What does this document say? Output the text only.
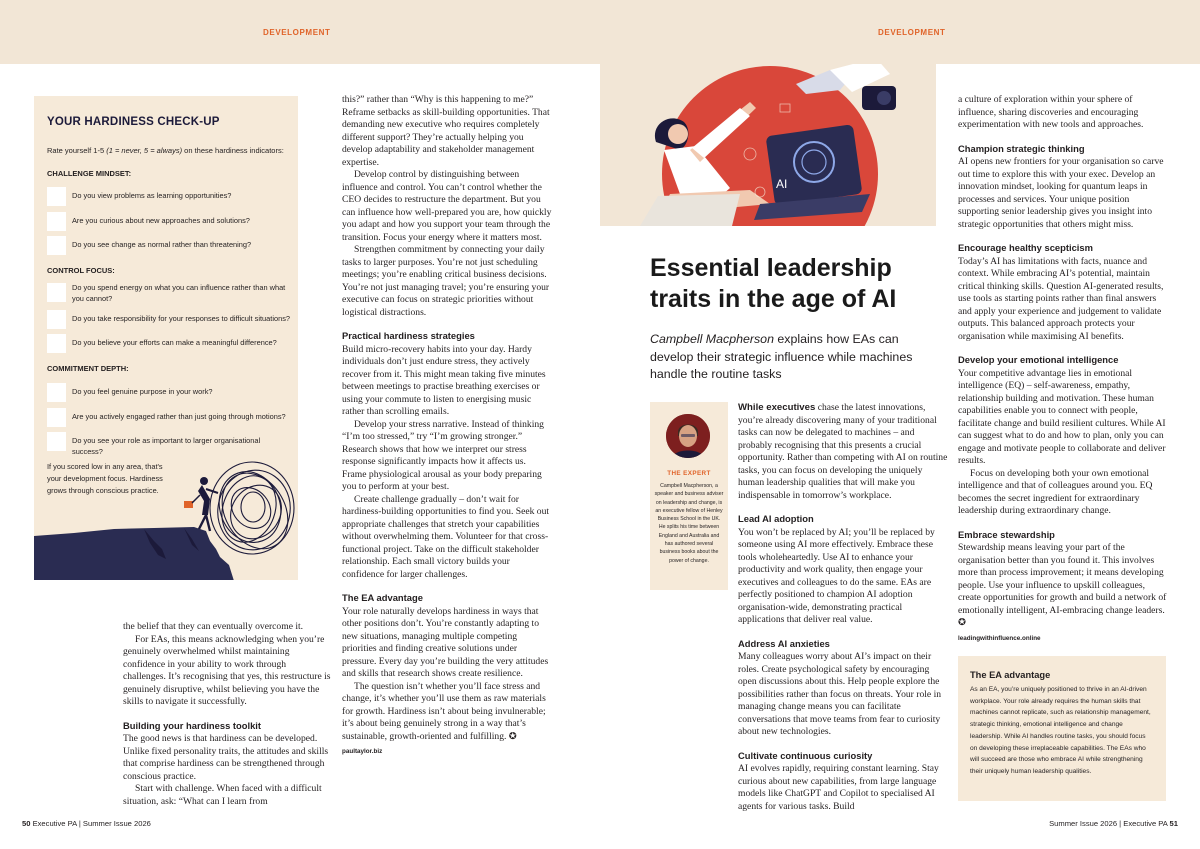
DEVELOPMENT	DEVELOPMENT
YOUR HARDINESS CHECK-UP
Rate yourself 1-5 (1 = never, 5 = always) on these hardiness indicators:
CHALLENGE MINDSET:
Do you view problems as learning opportunities?
Are you curious about new approaches and solutions?
Do you see change as normal rather than threatening?
CONTROL FOCUS:
Do you spend energy on what you can influence rather than what you cannot?
Do you take responsibility for your responses to difficult situations?
Do you believe your efforts can make a meaningful difference?
COMMITMENT DEPTH:
Do you feel genuine purpose in your work?
Are you actively engaged rather than just going through motions?
Do you see your role as important to larger organisational success?
If you scored low in any area, that's your development focus. Hardiness grows through conscious practice.

the belief that they can eventually overcome it.

For EAs, this means acknowledging when you’re genuinely overwhelmed whilst maintaining confidence in your ability to work through challenges. It’s recognising that yes, this restructure is genuinely disruptive, whilst believing you have the skills to navigate it successfully.

Building your hardiness toolkit

The good news is that hardiness can be developed. Unlike fixed personality traits, the attitudes and skills that comprise hardiness can be strengthened through conscious practice.

Start with challenge. When faced with a difficult situation, ask: “What can I learn from

this?” rather than “Why is this happening to me?” Reframe setbacks as skill-building opportunities. That demanding new executive who requires completely different support? They’re actually helping you develop adaptability and stakeholder management expertise.

Develop control by distinguishing between influence and control. You can’t control whether the CEO decides to restructure the department. But you can influence how well-prepared you are, how quickly you adapt and how you support your team through the transition. Focus your energy where it matters most.

Strengthen commitment by connecting your daily tasks to larger purposes. You’re not just scheduling meetings; you’re enabling critical business decisions. You’re not just managing travel; you’re ensuring your executive can focus on strategic priorities without logistical distractions.

Practical hardiness strategies

Build micro-recovery habits into your day. Hardy individuals don’t just endure stress, they actively recover from it. This might mean taking five minutes between meetings to practise breathing exercises or using your commute to listen to energising music rather than scrolling emails.

Develop your stress narrative. Instead of thinking “I’m too stressed,” try “I’m growing stronger.” Research shows that how we interpret our stress response significantly impacts how it affects us. Frame physiological arousal as your body preparing you to perform at your best.

Create challenge gradually – don’t wait for hardiness-building opportunities to find you. Seek out appropriate challenges that stretch your capabilities without overwhelming them. Volunteer for that cross-functional project. Take on the difficult stakeholder relationship. Each small victory builds your confidence for larger challenges.

The EA advantage

Your role naturally develops hardiness in ways that other positions don’t. You’re constantly adapting to new situations, managing multiple competing priorities and finding creative solutions under pressure. Every day you’re building the very attitudes and skills that research shows create resilience.

The question isn’t whether you’ll face stress and change, it’s whether you’ll use them as raw materials for growth. Hardiness isn’t about being invulnerable; it’s about being genuinely strong in a way that’s sustainable, growth-oriented and fulfilling. ✪

paultaylor.biz
AI
Essential leadership traits in the age of AI
Campbell Macpherson explains how EAs can develop their strategic influence while machines handle the routine tasks
THE EXPERT
Campbell Macpherson, a speaker and business adviser on leadership and change, is an executive fellow of Henley Business School in the UK. He splits his time between England and Australia and has authored several business books about the power of change.

While executives chase the latest innovations, you’re already discovering many of your traditional tasks can now be delegated to machines – and probably recognising that this presents a crucial opportunity. Rather than competing with AI on routine tasks, you can focus on developing the uniquely human leadership qualities that will make you indispensable in tomorrow’s workplace.

Lead AI adoption

You won’t be replaced by AI; you’ll be replaced by someone using AI more effectively. Embrace these tools wholeheartedly. Use AI to enhance your productivity and work quality, then engage your executives and colleagues to do the same. EAs are perfectly positioned to champion AI adoption organisation-wide, demonstrating practical applications that deliver real value.

Address AI anxieties

Many colleagues worry about AI’s impact on their roles. Create psychological safety by encouraging open discussions about this. Help people explore the possibilities rather than focus on threats. Your role in managing change means you can facilitate conversations that move teams from fear to curiosity about new technologies.

Cultivate continuous curiosity

AI evolves rapidly, requiring constant learning. Stay curious about new capabilities, from large language models like ChatGPT and Copilot to specialised AI agents for various tasks. Build

a culture of exploration within your sphere of influence, sharing discoveries and encouraging experimentation with new tools and approaches.

Champion strategic thinking

AI opens new frontiers for your organisation so carve out time to explore this with your exec. Develop an innovation mindset, looking for quantum leaps in processes and services. Your unique position supporting senior leadership gives you insight into strategic opportunities that others might miss.

Encourage healthy scepticism

Today’s AI has limitations with facts, nuance and context. While embracing AI’s potential, maintain critical thinking skills. Question AI-generated results, use tools as starting points rather than final answers and apply your experience and judgement to validate outputs. This balanced approach protects your organisation while maximising AI benefits.

Develop your emotional intelligence

Your competitive advantage lies in emotional intelligence (EQ) – self-awareness, empathy, relationship building and motivation. These human capabilities enable you to connect with people, facilitate change and build resilient cultures. While AI can suggest what to do and how to plan, only you can engage and motivate people to collaborate and deliver results.

Focus on developing both your own emotional intelligence and that of colleagues around you. EQ becomes the secret ingredient for extraordinary leadership during extraordinary change.

Embrace stewardship

Stewardship means leaving your part of the organisation better than you found it. This involves more than process improvement; it means developing people. Use your influence to upskill colleagues, create opportunities for growth and build a network of emotionally intelligent, AI-embracing change leaders. ✪

leadingwithinfluence.online
The EA advantage

As an EA, you’re uniquely positioned to thrive in an AI-driven workplace. Your role already requires the human skills that machines cannot replicate, such as relationship management, strategic thinking, emotional intelligence and change leadership. While AI handles routine tasks, you should focus on developing these irreplaceable capabilities. The EAs who will succeed are those who embrace AI while strengthening their uniquely human leadership qualities.

50 Executive PA | Summer Issue 2026	Summer Issue 2026 | Executive PA 51
